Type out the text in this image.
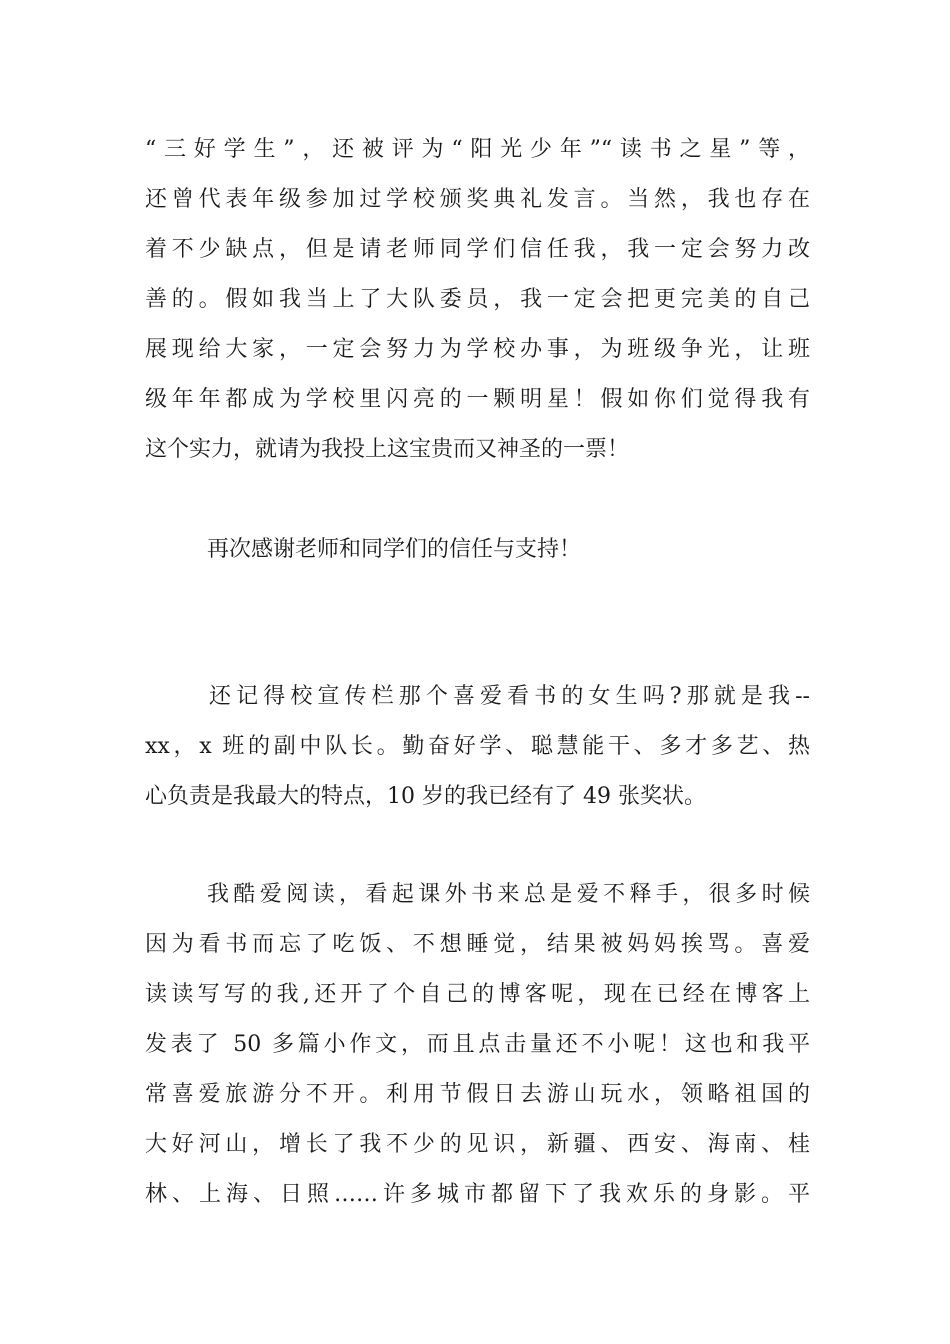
“三好学生”，还被评为“阳光少年”“读书之星”等，
还曾代表年级参加过学校颁奖典礼发言。当然，我也存在
着不少缺点，但是请老师同学们信任我，我一定会努力改
善的。假如我当上了大队委员，我一定会把更完美的自己
展现给大家，一定会努力为学校办事，为班级争光，让班
级年年都成为学校里闪亮的一颗明星！假如你们觉得我有
这个实力，就请为我投上这宝贵而又神圣的一票！
再次感谢老师和同学们的信任与支持！
还记得校宣传栏那个喜爱看书的女生吗?那就是我--
xx，x 班的副中队长。勤奋好学、聪慧能干、多才多艺、热
心负责是我最大的特点，10 岁的我已经有了 49 张奖状。
我酷爱阅读，看起课外书来总是爱不释手，很多时候
因为看书而忘了吃饭、不想睡觉，结果被妈妈挨骂。喜爱
读读写写的我,还开了个自己的博客呢，现在已经在博客上
发表了 50 多篇小作文，而且点击量还不小呢！这也和我平
常喜爱旅游分不开。利用节假日去游山玩水，领略祖国的
大好河山，增长了我不少的见识，新疆、西安、海南、桂
林、上海、日照……许多城市都留下了我欢乐的身影。平
